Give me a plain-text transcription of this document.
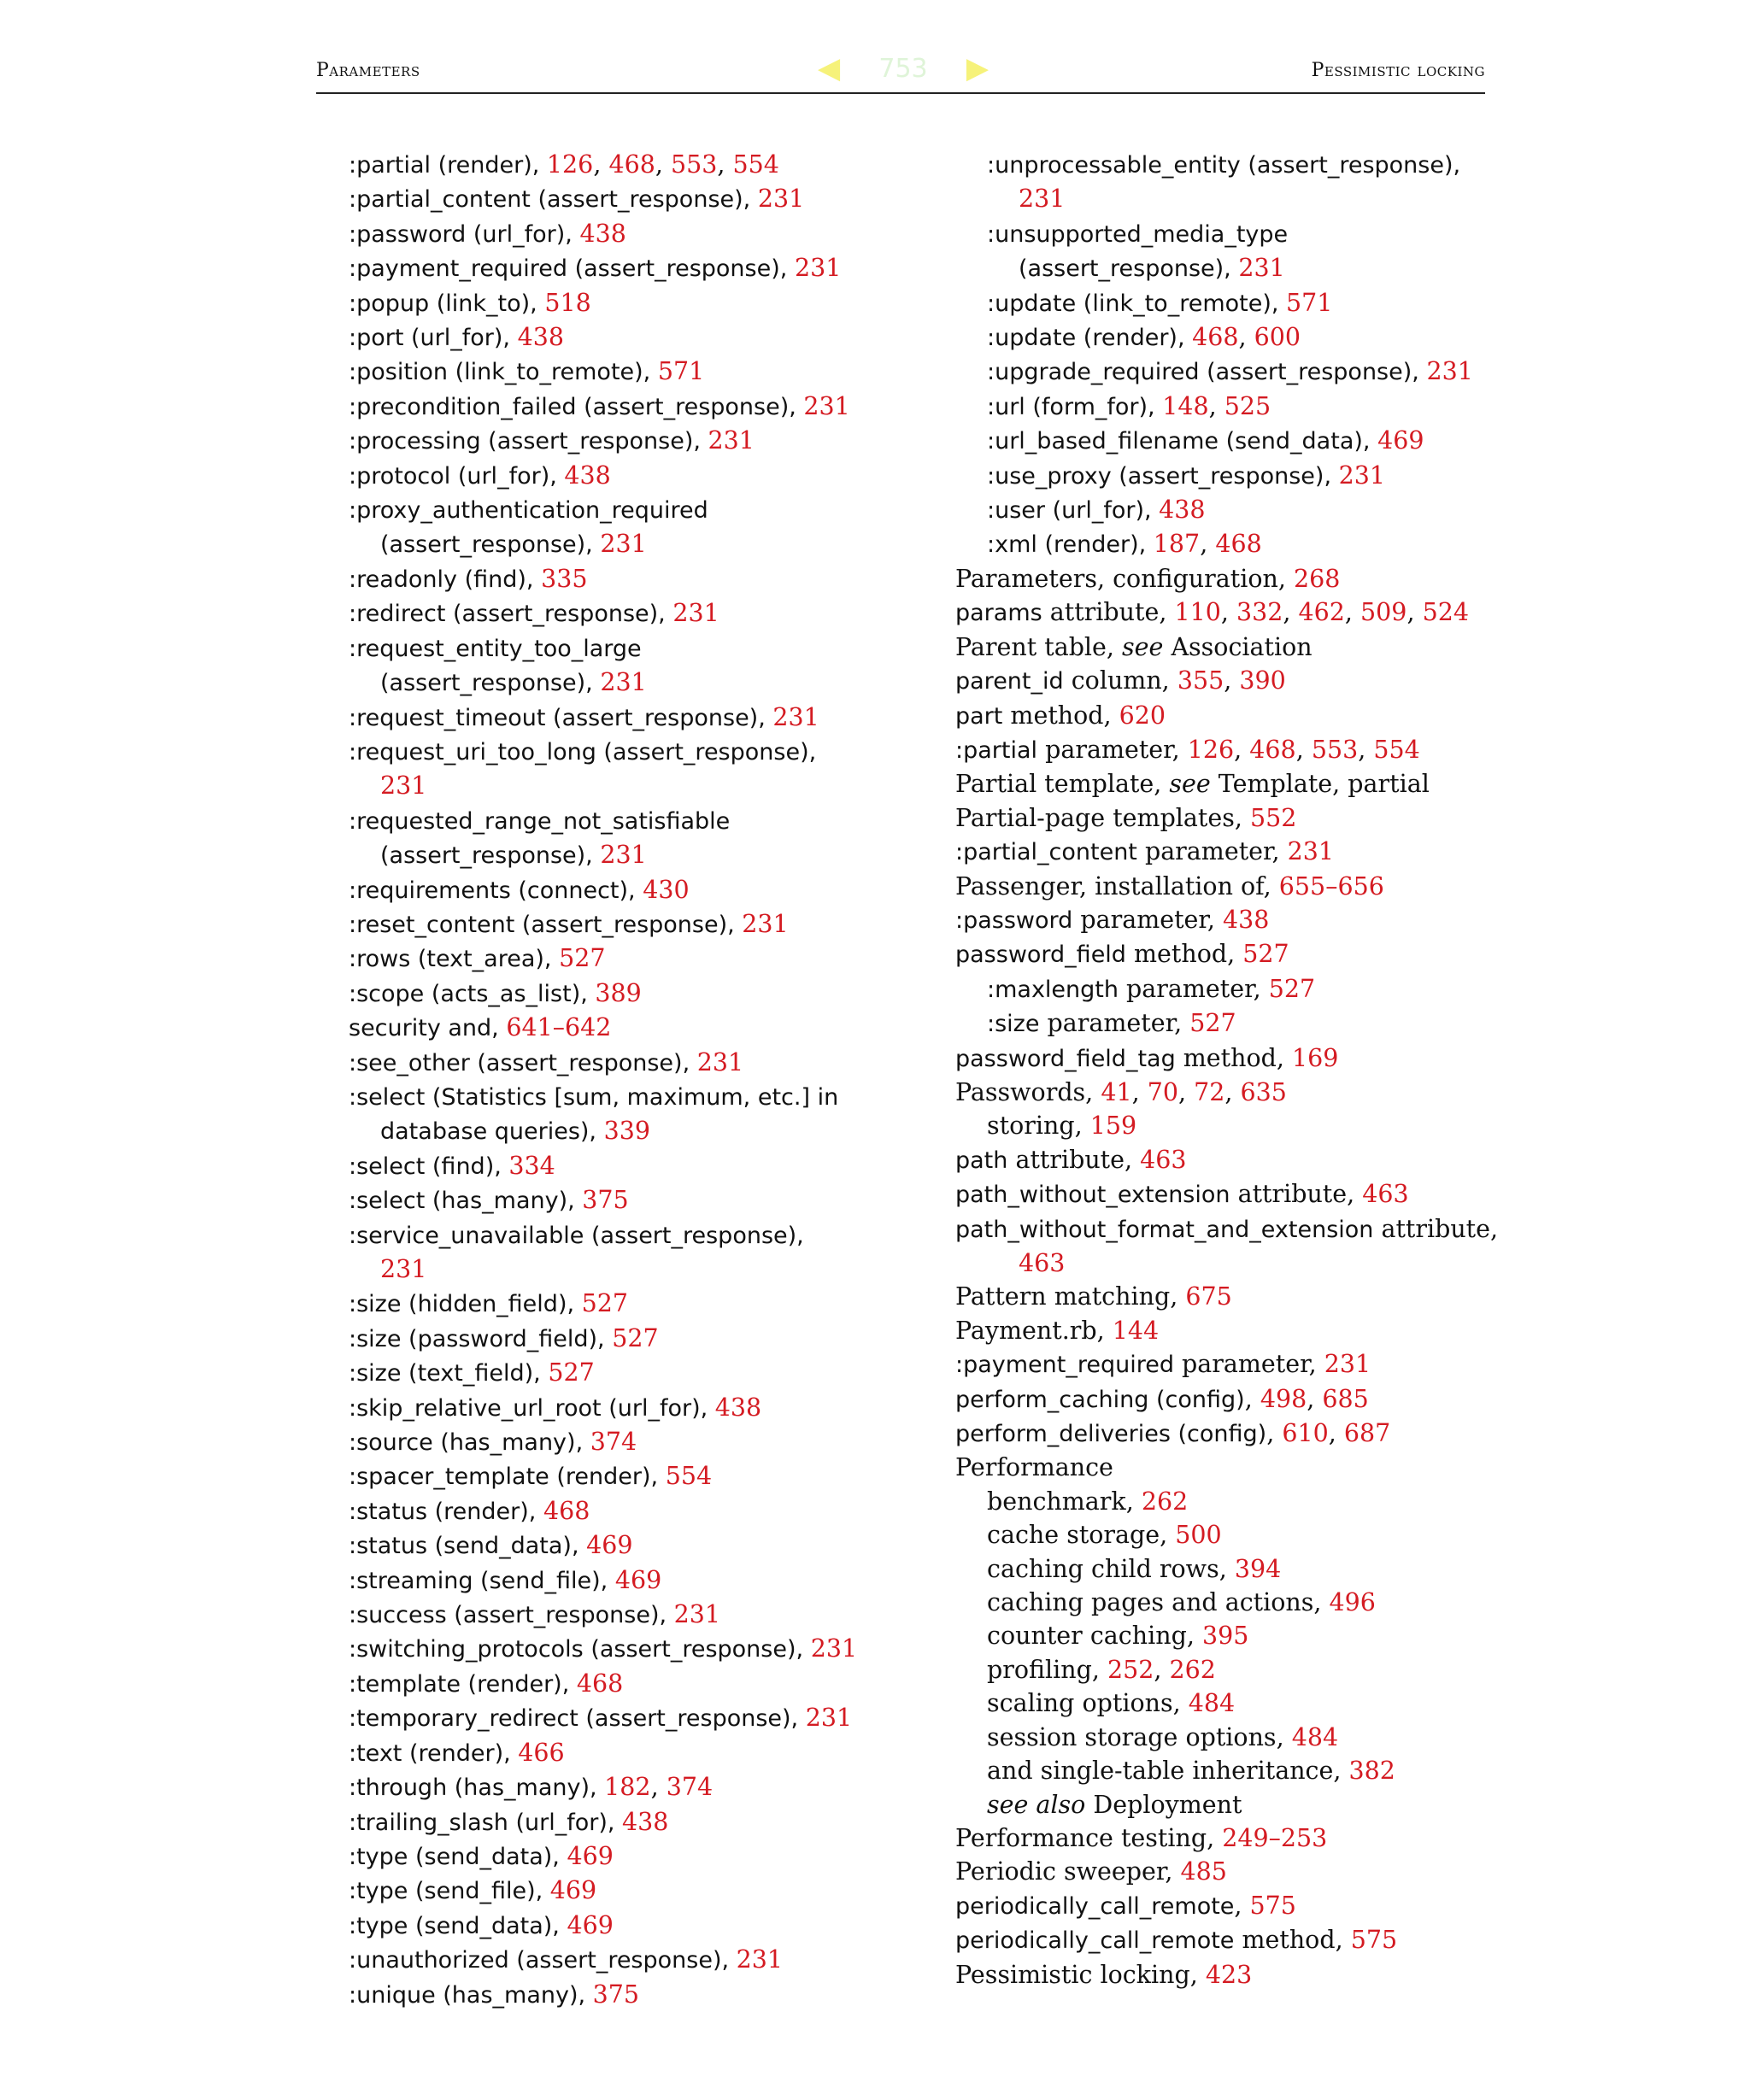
Parameters	◀ 753 ▶	Pessimistic locking
:partial (render), 126, 468, 553, 554
:partial_content (assert_response), 231
:password (url_for), 438
:payment_required (assert_response), 231
:popup (link_to), 518
:port (url_for), 438
:position (link_to_remote), 571
:precondition_failed (assert_response), 231
:processing (assert_response), 231
:protocol (url_for), 438
:proxy_authentication_required
(assert_response), 231
:readonly (find), 335
:redirect (assert_response), 231
:request_entity_too_large
(assert_response), 231
:request_timeout (assert_response), 231
:request_uri_too_long (assert_response),
231
:requested_range_not_satisfiable
(assert_response), 231
:requirements (connect), 430
:reset_content (assert_response), 231
:rows (text_area), 527
:scope (acts_as_list), 389
security and, 641–642
:see_other (assert_response), 231
:select (Statistics [sum, maximum, etc.] in
database queries), 339
:select (find), 334
:select (has_many), 375
:service_unavailable (assert_response),
231
:size (hidden_field), 527
:size (password_field), 527
:size (text_field), 527
:skip_relative_url_root (url_for), 438
:source (has_many), 374
:spacer_template (render), 554
:status (render), 468
:status (send_data), 469
:streaming (send_file), 469
:success (assert_response), 231
:switching_protocols (assert_response), 231
:template (render), 468
:temporary_redirect (assert_response), 231
:text (render), 466
:through (has_many), 182, 374
:trailing_slash (url_for), 438
:type (send_data), 469
:type (send_file), 469
:type (send_data), 469
:unauthorized (assert_response), 231
:unique (has_many), 375
:unprocessable_entity (assert_response),
231
:unsupported_media_type
(assert_response), 231
:update (link_to_remote), 571
:update (render), 468, 600
:upgrade_required (assert_response), 231
:url (form_for), 148, 525
:url_based_filename (send_data), 469
:use_proxy (assert_response), 231
:user (url_for), 438
:xml (render), 187, 468
Parameters, configuration, 268
params attribute, 110, 332, 462, 509, 524
Parent table, see Association
parent_id column, 355, 390
part method, 620
:partial parameter, 126, 468, 553, 554
Partial template, see Template, partial
Partial-page templates, 552
:partial_content parameter, 231
Passenger, installation of, 655–656
:password parameter, 438
password_field method, 527
:maxlength parameter, 527
:size parameter, 527
password_field_tag method, 169
Passwords, 41, 70, 72, 635
storing, 159
path attribute, 463
path_without_extension attribute, 463
path_without_format_and_extension attribute,
463
Pattern matching, 675
Payment.rb, 144
:payment_required parameter, 231
perform_caching (config), 498, 685
perform_deliveries (config), 610, 687
Performance
benchmark, 262
cache storage, 500
caching child rows, 394
caching pages and actions, 496
counter caching, 395
profiling, 252, 262
scaling options, 484
session storage options, 484
and single-table inheritance, 382
see also Deployment
Performance testing, 249–253
Periodic sweeper, 485
periodically_call_remote, 575
periodically_call_remote method, 575
Pessimistic locking, 423
